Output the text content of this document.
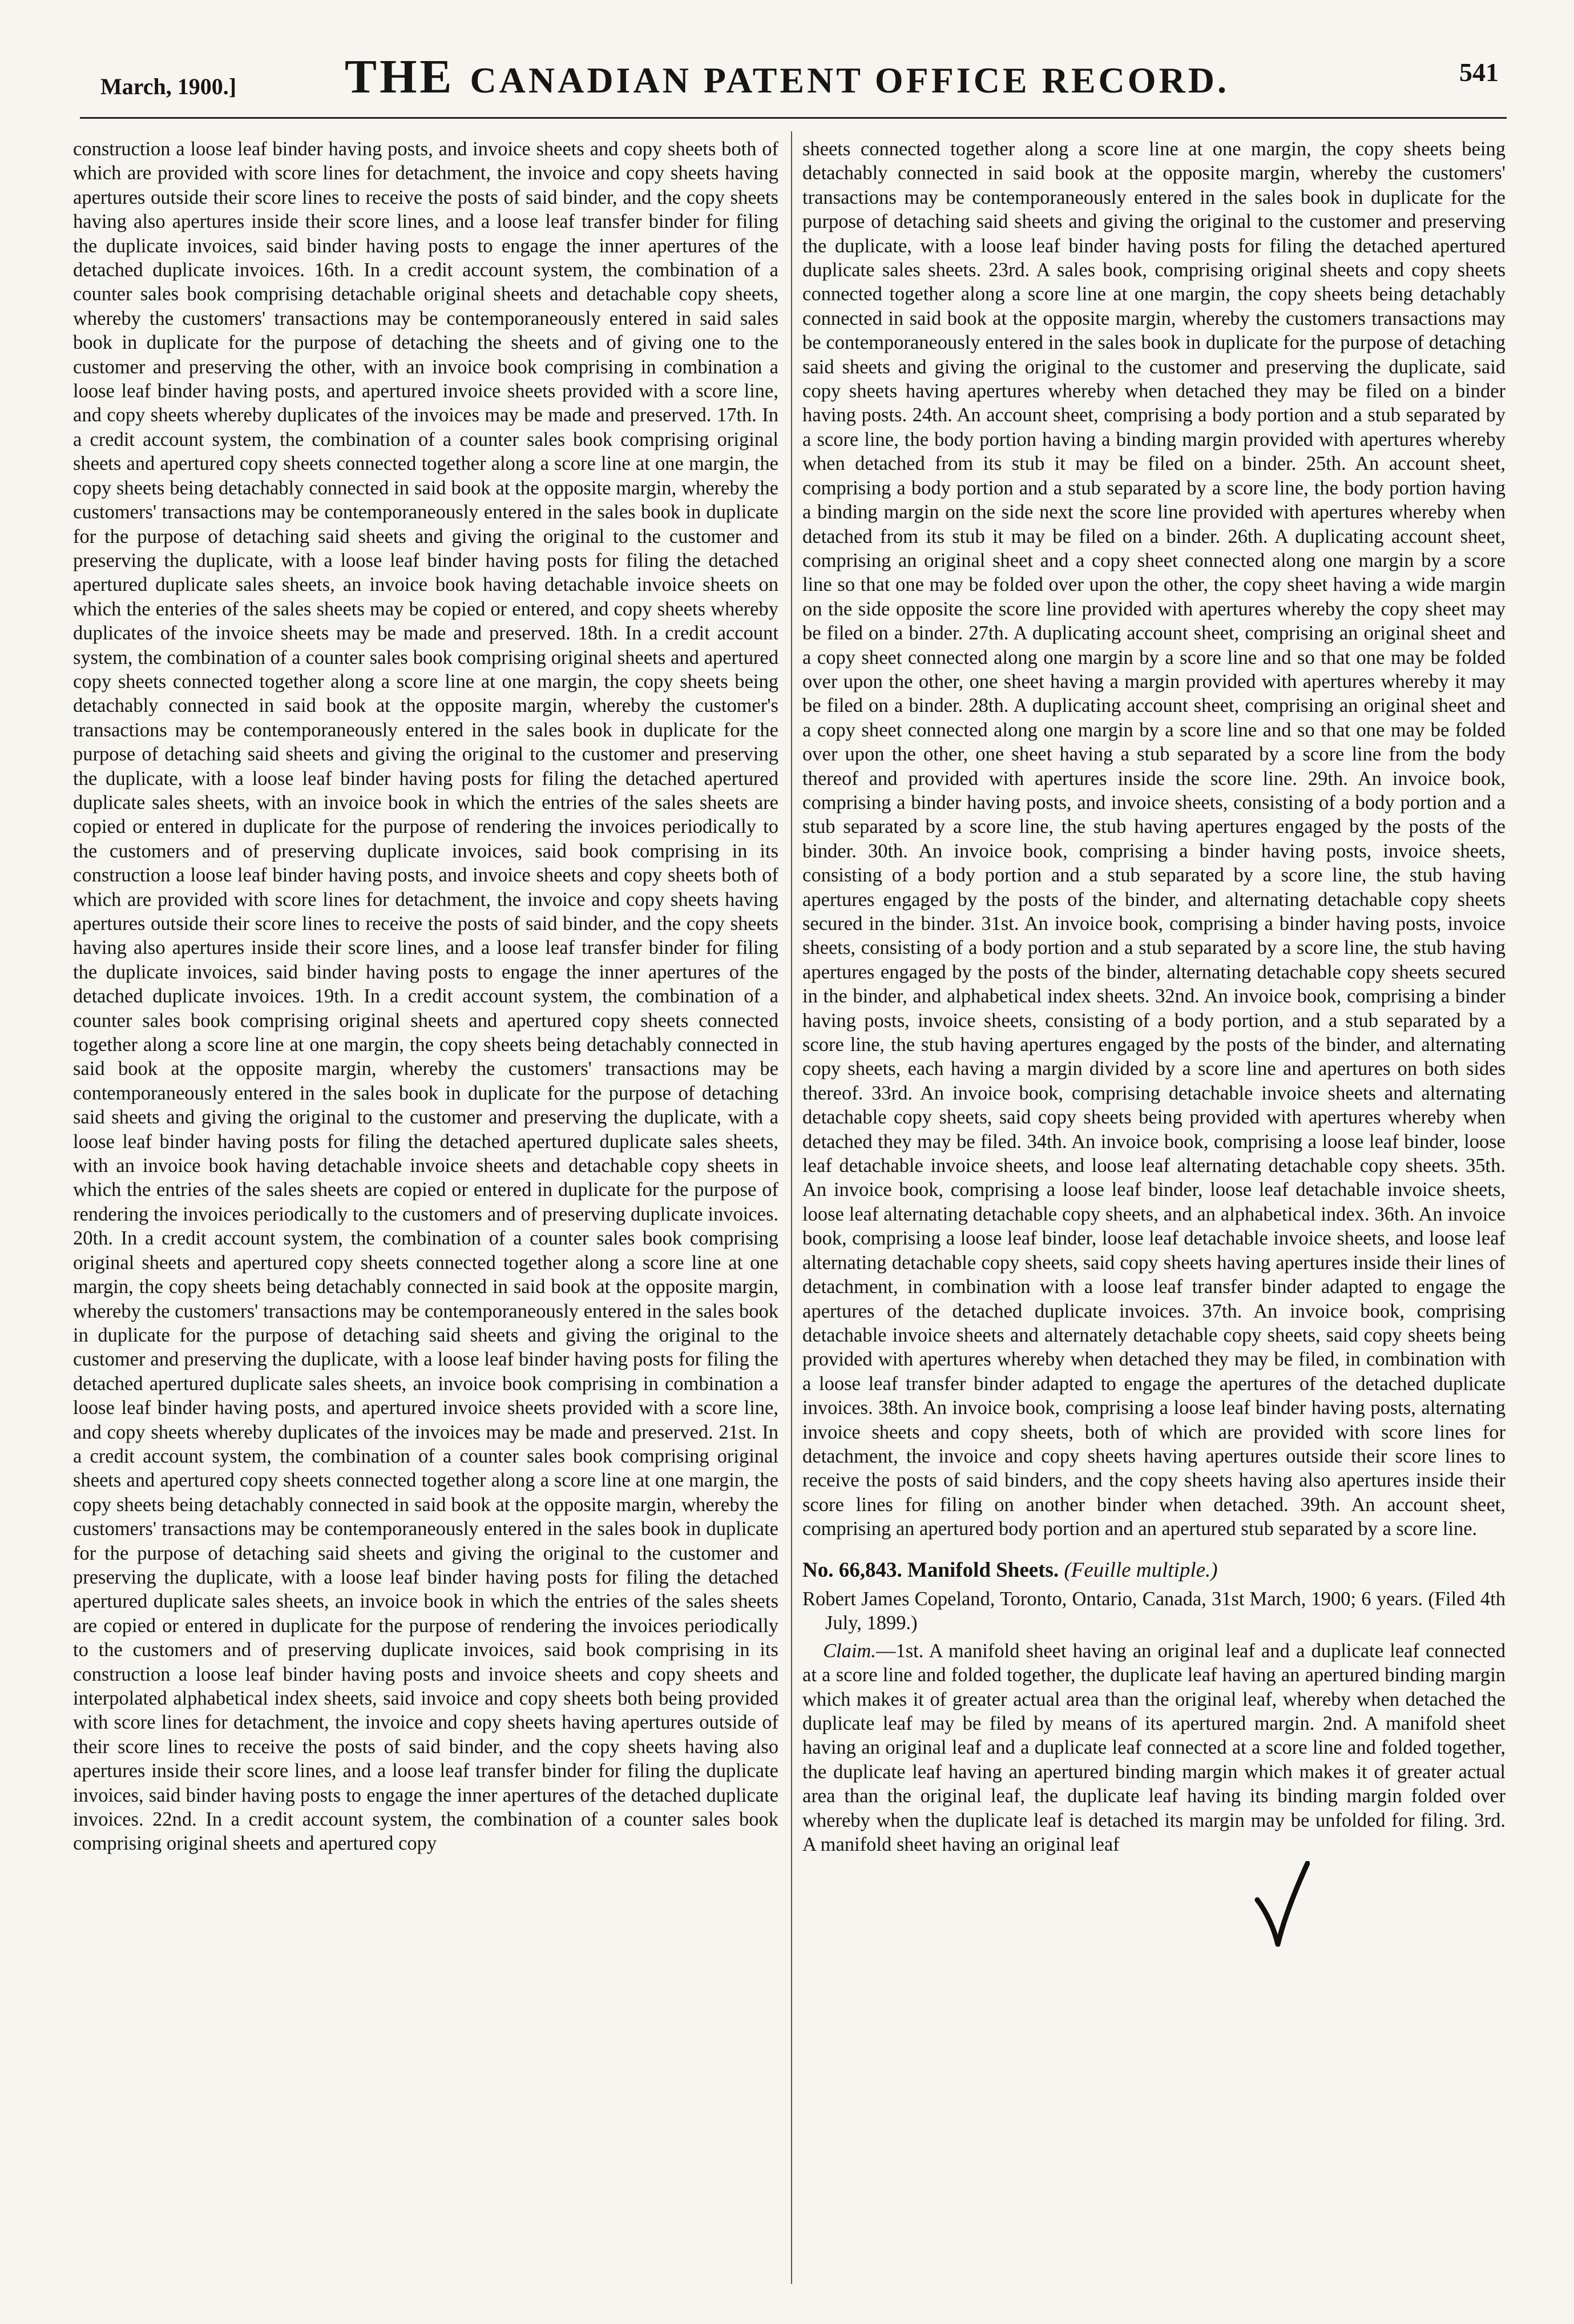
March, 1900.]	THE CANADIAN PATENT OFFICE RECORD.	541

construction a loose leaf binder having posts, and invoice sheets and copy sheets both of which are provided with score lines for detachment, the invoice and copy sheets having apertures outside their score lines to receive the posts of said binder, and the copy sheets having also apertures inside their score lines, and a loose leaf transfer binder for filing the duplicate invoices, said binder having posts to engage the inner apertures of the detached duplicate invoices. 16th. In a credit account system, the combination of a counter sales book comprising detachable original sheets and detachable copy sheets, whereby the customers' transactions may be contemporaneously entered in said sales book in duplicate for the purpose of detaching the sheets and of giving one to the customer and preserving the other, with an invoice book comprising in combination a loose leaf binder having posts, and apertured invoice sheets provided with a score line, and copy sheets whereby duplicates of the invoices may be made and preserved. 17th. In a credit account system, the combination of a counter sales book comprising original sheets and apertured copy sheets connected together along a score line at one margin, the copy sheets being detachably connected in said book at the opposite margin, whereby the customers' transactions may be contemporaneously entered in the sales book in duplicate for the purpose of detaching said sheets and giving the original to the customer and preserving the duplicate, with a loose leaf binder having posts for filing the detached apertured duplicate sales sheets, an invoice book having detachable invoice sheets on which the enteries of the sales sheets may be copied or entered, and copy sheets whereby duplicates of the invoice sheets may be made and preserved. 18th. In a credit account system, the combination of a counter sales book comprising original sheets and apertured copy sheets connected together along a score line at one margin, the copy sheets being detachably connected in said book at the opposite margin, whereby the customer's transactions may be contemporaneously entered in the sales book in duplicate for the purpose of detaching said sheets and giving the original to the customer and preserving the duplicate, with a loose leaf binder having posts for filing the detached apertured duplicate sales sheets, with an invoice book in which the entries of the sales sheets are copied or entered in duplicate for the purpose of rendering the invoices periodically to the customers and of preserving duplicate invoices, said book comprising in its construction a loose leaf binder having posts, and invoice sheets and copy sheets both of which are provided with score lines for detachment, the invoice and copy sheets having apertures outside their score lines to receive the posts of said binder, and the copy sheets having also apertures inside their score lines, and a loose leaf transfer binder for filing the duplicate invoices, said binder having posts to engage the inner apertures of the detached duplicate invoices. 19th. In a credit account system, the combination of a counter sales book comprising original sheets and apertured copy sheets connected together along a score line at one margin, the copy sheets being detachably connected in said book at the opposite margin, whereby the customers' transactions may be contemporaneously entered in the sales book in duplicate for the purpose of detaching said sheets and giving the original to the customer and preserving the duplicate, with a loose leaf binder having posts for filing the detached apertured duplicate sales sheets, with an invoice book having detachable invoice sheets and detachable copy sheets in which the entries of the sales sheets are copied or entered in duplicate for the purpose of rendering the invoices periodically to the customers and of preserving duplicate invoices. 20th. In a credit account system, the combination of a counter sales book comprising original sheets and apertured copy sheets connected together along a score line at one margin, the copy sheets being detachably connected in said book at the opposite margin, whereby the customers' transactions may be contemporaneously entered in the sales book in duplicate for the purpose of detaching said sheets and giving the original to the customer and preserving the duplicate, with a loose leaf binder having posts for filing the detached apertured duplicate sales sheets, an invoice book comprising in combination a loose leaf binder having posts, and apertured invoice sheets provided with a score line, and copy sheets whereby duplicates of the invoices may be made and preserved. 21st. In a credit account system, the combination of a counter sales book comprising original sheets and apertured copy sheets connected together along a score line at one margin, the copy sheets being detachably connected in said book at the opposite margin, whereby the customers' transactions may be contemporaneously entered in the sales book in duplicate for the purpose of detaching said sheets and giving the original to the customer and preserving the duplicate, with a loose leaf binder having posts for filing the detached apertured duplicate sales sheets, an invoice book in which the entries of the sales sheets are copied or entered in duplicate for the purpose of rendering the invoices periodically to the customers and of preserving duplicate invoices, said book comprising in its construction a loose leaf binder having posts and invoice sheets and copy sheets and interpolated alphabetical index sheets, said invoice and copy sheets both being provided with score lines for detachment, the invoice and copy sheets having apertures outside of their score lines to receive the posts of said binder, and the copy sheets having also apertures inside their score lines, and a loose leaf transfer binder for filing the duplicate invoices, said binder having posts to engage the inner apertures of the detached duplicate invoices. 22nd. In a credit account system, the combination of a counter sales book comprising original sheets and apertured copy

sheets connected together along a score line at one margin, the copy sheets being detachably connected in said book at the opposite margin, whereby the customers' transactions may be contemporaneously entered in the sales book in duplicate for the purpose of detaching said sheets and giving the original to the customer and preserving the duplicate, with a loose leaf binder having posts for filing the detached apertured duplicate sales sheets. 23rd. A sales book, comprising original sheets and copy sheets connected together along a score line at one margin, the copy sheets being detachably connected in said book at the opposite margin, whereby the customers transactions may be contemporaneously entered in the sales book in duplicate for the purpose of detaching said sheets and giving the original to the customer and preserving the duplicate, said copy sheets having apertures whereby when detached they may be filed on a binder having posts. 24th. An account sheet, comprising a body portion and a stub separated by a score line, the body portion having a binding margin provided with apertures whereby when detached from its stub it may be filed on a binder. 25th. An account sheet, comprising a body portion and a stub separated by a score line, the body portion having a binding margin on the side next the score line provided with apertures whereby when detached from its stub it may be filed on a binder. 26th. A duplicating account sheet, comprising an original sheet and a copy sheet connected along one margin by a score line so that one may be folded over upon the other, the copy sheet having a wide margin on the side opposite the score line provided with apertures whereby the copy sheet may be filed on a binder. 27th. A duplicating account sheet, comprising an original sheet and a copy sheet connected along one margin by a score line and so that one may be folded over upon the other, one sheet having a margin provided with apertures whereby it may be filed on a binder. 28th. A duplicating account sheet, comprising an original sheet and a copy sheet connected along one margin by a score line and so that one may be folded over upon the other, one sheet having a stub separated by a score line from the body thereof and provided with apertures inside the score line. 29th. An invoice book, comprising a binder having posts, and invoice sheets, consisting of a body portion and a stub separated by a score line, the stub having apertures engaged by the posts of the binder. 30th. An invoice book, comprising a binder having posts, invoice sheets, consisting of a body portion and a stub separated by a score line, the stub having apertures engaged by the posts of the binder, and alternating detachable copy sheets secured in the binder. 31st. An invoice book, comprising a binder having posts, invoice sheets, consisting of a body portion and a stub separated by a score line, the stub having apertures engaged by the posts of the binder, alternating detachable copy sheets secured in the binder, and alphabetical index sheets. 32nd. An invoice book, comprising a binder having posts, invoice sheets, consisting of a body portion, and a stub separated by a score line, the stub having apertures engaged by the posts of the binder, and alternating copy sheets, each having a margin divided by a score line and apertures on both sides thereof. 33rd. An invoice book, comprising detachable invoice sheets and alternating detachable copy sheets, said copy sheets being provided with apertures whereby when detached they may be filed. 34th. An invoice book, comprising a loose leaf binder, loose leaf detachable invoice sheets, and loose leaf alternating detachable copy sheets. 35th. An invoice book, comprising a loose leaf binder, loose leaf detachable invoice sheets, loose leaf alternating detachable copy sheets, and an alphabetical index. 36th. An invoice book, comprising a loose leaf binder, loose leaf detachable invoice sheets, and loose leaf alternating detachable copy sheets, said copy sheets having apertures inside their lines of detachment, in combination with a loose leaf transfer binder adapted to engage the apertures of the detached duplicate invoices. 37th. An invoice book, comprising detachable invoice sheets and alternately detachable copy sheets, said copy sheets being provided with apertures whereby when detached they may be filed, in combination with a loose leaf transfer binder adapted to engage the apertures of the detached duplicate invoices. 38th. An invoice book, comprising a loose leaf binder having posts, alternating invoice sheets and copy sheets, both of which are provided with score lines for detachment, the invoice and copy sheets having apertures outside their score lines to receive the posts of said binders, and the copy sheets having also apertures inside their score lines for filing on another binder when detached. 39th. An account sheet, comprising an apertured body portion and an apertured stub separated by a score line.

No. 66,843. Manifold Sheets. (Feuille multiple.)

Robert James Copeland, Toronto, Ontario, Canada, 31st March, 1900; 6 years. (Filed 4th July, 1899.)

Claim.—1st. A manifold sheet having an original leaf and a duplicate leaf connected at a score line and folded together, the duplicate leaf having an apertured binding margin which makes it of greater actual area than the original leaf, whereby when detached the duplicate leaf may be filed by means of its apertured margin. 2nd. A manifold sheet having an original leaf and a duplicate leaf connected at a score line and folded together, the duplicate leaf having an apertured binding margin which makes it of greater actual area than the original leaf, the duplicate leaf having its binding margin folded over whereby when the duplicate leaf is detached its margin may be unfolded for filing. 3rd. A manifold sheet having an original leaf
